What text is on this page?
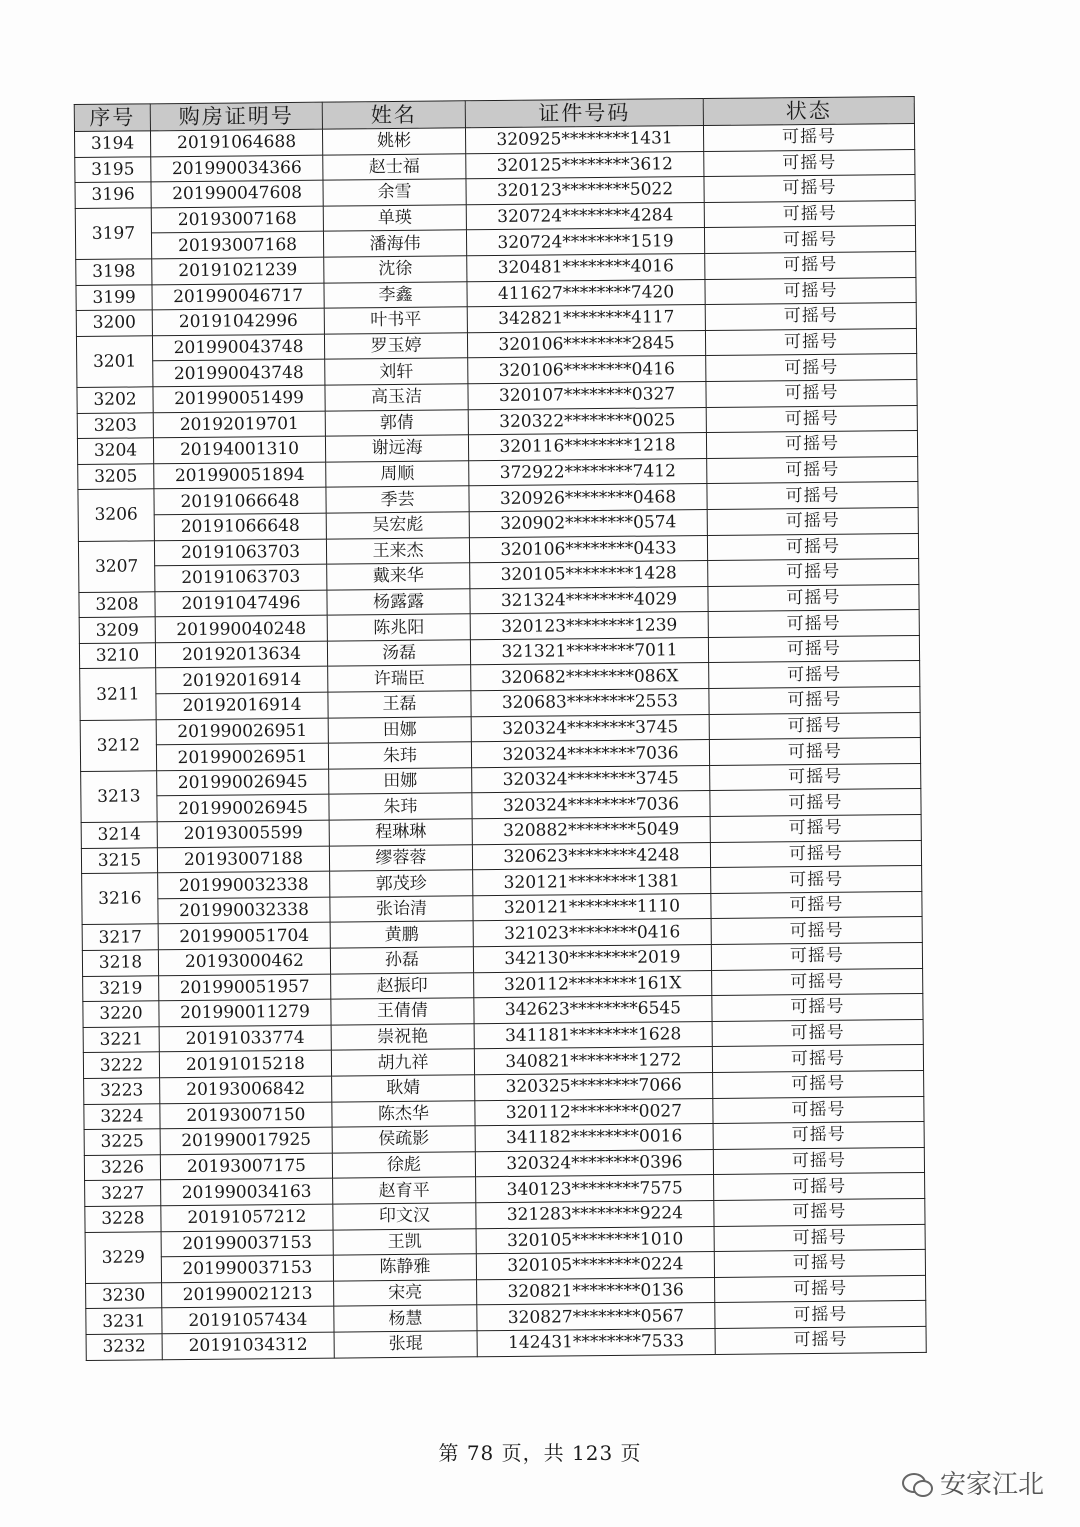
序号	购房证明号	姓名	证件号码	状态
3194	20191064688	姚彬	320925********1431	可摇号
3195	201990034366	赵士福	320125********3612	可摇号
3196	201990047608	余雪	320123********5022	可摇号
3197	20193007168	单瑛	320724********4284	可摇号
	20193007168	潘海伟	320724********1519	可摇号
3198	20191021239	沈徐	320481********4016	可摇号
3199	201990046717	李鑫	411627********7420	可摇号
3200	20191042996	叶书平	342821********4117	可摇号
3201	201990043748	罗玉婷	320106********2845	可摇号
	201990043748	刘轩	320106********0416	可摇号
3202	201990051499	高玉洁	320107********0327	可摇号
3203	20192019701	郭倩	320322********0025	可摇号
3204	20194001310	谢远海	320116********1218	可摇号
3205	201990051894	周顺	372922********7412	可摇号
3206	20191066648	季芸	320926********0468	可摇号
	20191066648	吴宏彪	320902********0574	可摇号
3207	20191063703	王来杰	320106********0433	可摇号
	20191063703	戴来华	320105********1428	可摇号
3208	20191047496	杨露露	321324********4029	可摇号
3209	201990040248	陈兆阳	320123********1239	可摇号
3210	20192013634	汤磊	321321********7011	可摇号
3211	20192016914	许瑞臣	320682********086X	可摇号
	20192016914	王磊	320683********2553	可摇号
3212	201990026951	田娜	320324********3745	可摇号
	201990026951	朱玮	320324********7036	可摇号
3213	201990026945	田娜	320324********3745	可摇号
	201990026945	朱玮	320324********7036	可摇号
3214	20193005599	程琳琳	320882********5049	可摇号
3215	20193007188	缪蓉蓉	320623********4248	可摇号
3216	201990032338	郭茂珍	320121********1381	可摇号
	201990032338	张诒清	320121********1110	可摇号
3217	201990051704	黄鹏	321023********0416	可摇号
3218	20193000462	孙磊	342130********2019	可摇号
3219	201990051957	赵振印	320112********161X	可摇号
3220	201990011279	王倩倩	342623********6545	可摇号
3221	20191033774	崇祝艳	341181********1628	可摇号
3222	20191015218	胡九祥	340821********1272	可摇号
3223	20193006842	耿婧	320325********7066	可摇号
3224	20193007150	陈杰华	320112********0027	可摇号
3225	201990017925	侯疏影	341182********0016	可摇号
3226	20193007175	徐彪	320324********0396	可摇号
3227	201990034163	赵育平	340123********7575	可摇号
3228	20191057212	印文汉	321283********9224	可摇号
3229	201990037153	王凯	320105********1010	可摇号
	201990037153	陈静雅	320105********0224	可摇号
3230	201990021213	宋亮	320821********0136	可摇号
3231	20191057434	杨慧	320827********0567	可摇号
3232	20191034312	张琨	142431********7533	可摇号
第 78 页，共 123 页
安家江北
